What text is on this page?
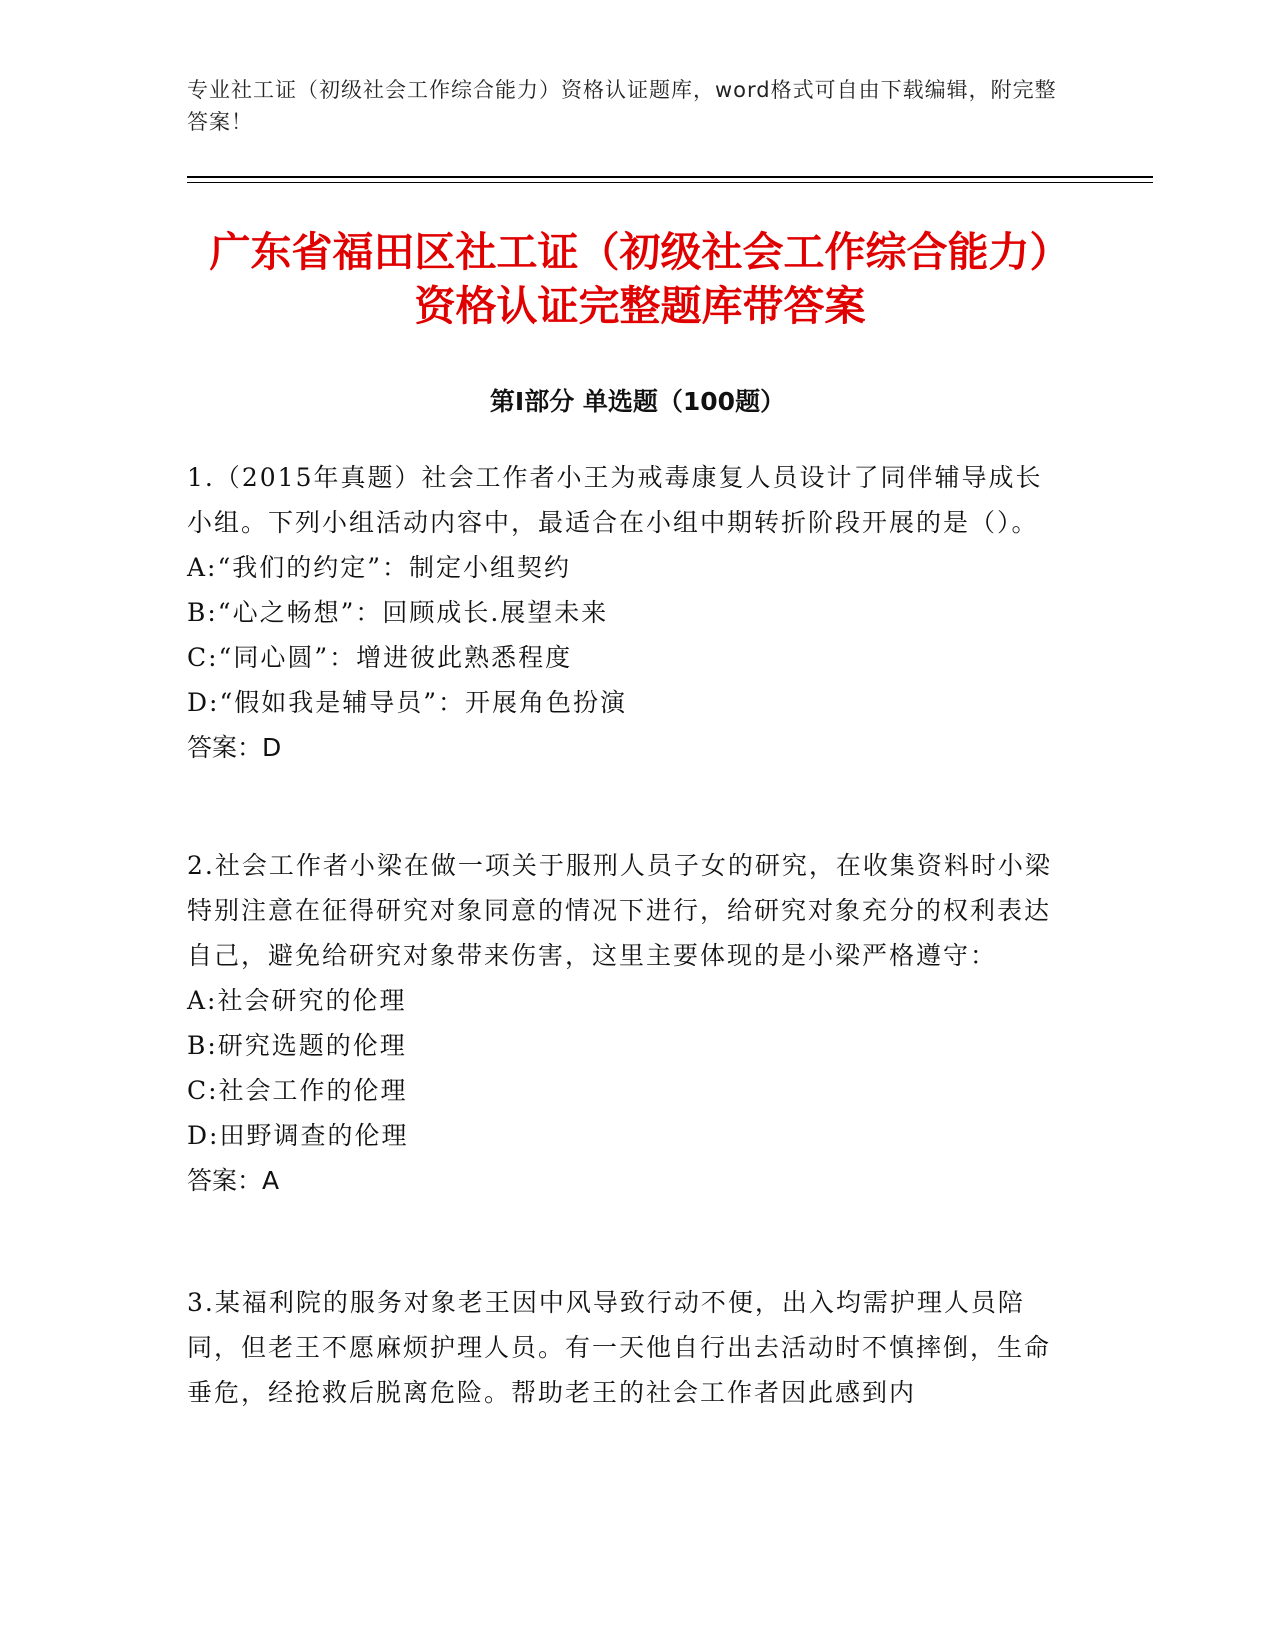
专业社工证（初级社会工作综合能力）资格认证题库，word格式可自由下载编辑，附完整答案！
广东省福田区社工证（初级社会工作综合能力）资格认证完整题库带答案
第I部分 单选题（100题）

1.（2015年真题）社会工作者小王为戒毒康复人员设计了同伴辅导成长小组。下列小组活动内容中，最适合在小组中期转折阶段开展的是（）。

A:“我们的约定”：制定小组契约

B:“心之畅想”：回顾成长.展望未来

C:“同心圆”：增进彼此熟悉程度

D:“假如我是辅导员”：开展角色扮演

答案：D

2.社会工作者小梁在做一项关于服刑人员子女的研究，在收集资料时小梁特别注意在征得研究对象同意的情况下进行，给研究对象充分的权利表达自己，避免给研究对象带来伤害，这里主要体现的是小梁严格遵守：

A:社会研究的伦理

B:研究选题的伦理

C:社会工作的伦理

D:田野调查的伦理

答案：A

3.某福利院的服务对象老王因中风导致行动不便，出入均需护理人员陪同，但老王不愿麻烦护理人员。有一天他自行出去活动时不慎摔倒，生命垂危，经抢救后脱离危险。帮助老王的社会工作者因此感到内
